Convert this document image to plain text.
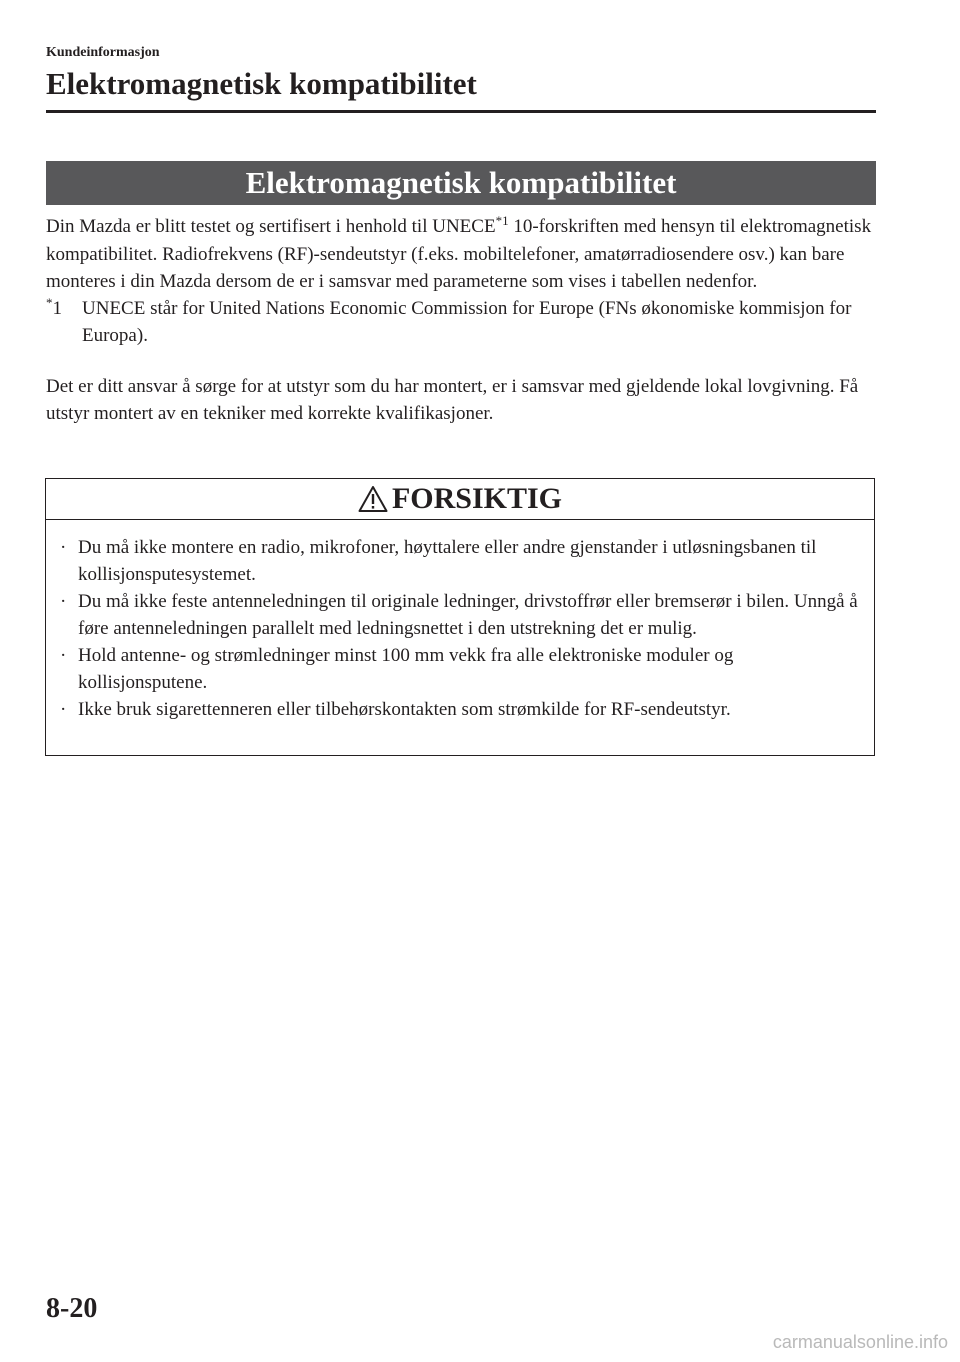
Kundeinformasjon
Elektromagnetisk kompatibilitet
Elektromagnetisk kompatibilitet

Din Mazda er blitt testet og sertifisert i henhold til UNECE$^{*1}$ 10-forskriften med hensyn til elektromagnetisk kompatibilitet. Radiofrekvens (RF)-sendeutstyr (f.eks. mobiltelefoner, amatørradiosendere osv.) kan bare monteres i din Mazda dersom de er i samsvar med parameterne som vises i tabellen nedenfor.

*1 UNECE står for United Nations Economic Commission for Europe (FNs økonomiske kommisjon for Europa).

Det er ditt ansvar å sørge for at utstyr som du har montert, er i samsvar med gjeldende lokal lovgivning. Få utstyr montert av en tekniker med korrekte kvalifikasjoner.

FORSIKTIG
· Du må ikke montere en radio, mikrofoner, høyttalere eller andre gjenstander i utløsningsbanen til kollisjonsputesystemet.
· Du må ikke feste antenneledningen til originale ledninger, drivstoffrør eller bremserør i bilen. Unngå å føre antenneledningen parallelt med ledningsnettet i den utstrekning det er mulig.
· Hold antenne- og strømledninger minst 100 mm vekk fra alle elektroniske moduler og kollisjonsputene.
· Ikke bruk sigarettenneren eller tilbehørskontakten som strømkilde for RF-sendeutstyr.
8-20
carmanualsonline.info
